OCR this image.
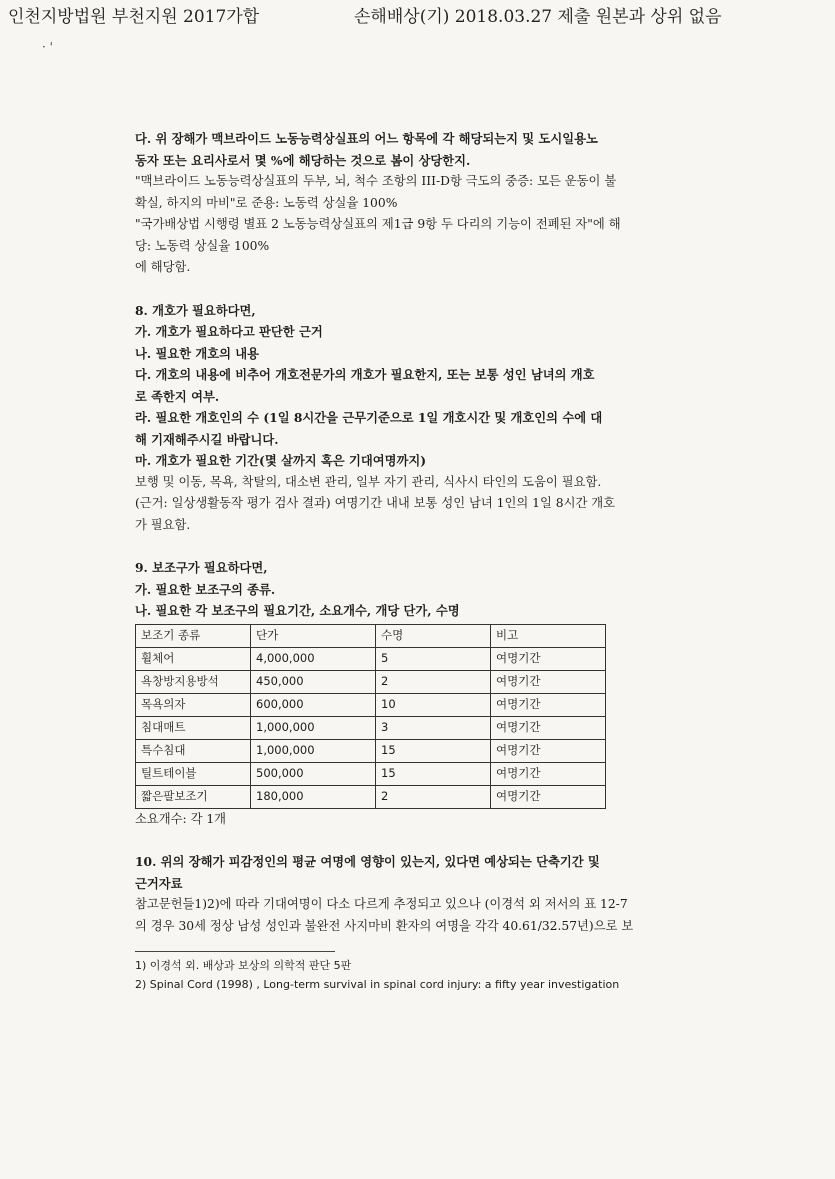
인천지방법원 부천지원 2017가합	손해배상(기) 2018.03.27 제출 원본과 상위 없음
· '

다. 위 장해가 맥브라이드 노동능력상실표의 어느 항목에 각 해당되는지 및 도시일용노

동자 또는 요리사로서 몇 %에 해당하는 것으로 봄이 상당한지.

"맥브라이드 노동능력상실표의 두부, 뇌, 척수 조항의 III-D항 극도의 중증: 모든 운동이 불

확실, 하지의 마비"로 준용: 노동력 상실율 100%

"국가배상법 시행령 별표 2 노동능력상실표의 제1급 9항 두 다리의 기능이 전폐된 자"에 해

당: 노동력 상실율 100%

에 해당함.

8. 개호가 필요하다면,

가. 개호가 필요하다고 판단한 근거

나. 필요한 개호의 내용

다. 개호의 내용에 비추어 개호전문가의 개호가 필요한지, 또는 보통 성인 남녀의 개호

로 족한지 여부.

라. 필요한 개호인의 수 (1일 8시간을 근무기준으로 1일 개호시간 및 개호인의 수에 대

해 기재해주시길 바랍니다.

마. 개호가 필요한 기간(몇 살까지 혹은 기대여명까지)

보행 및 이동, 목욕, 착탈의, 대소변 관리, 일부 자기 관리, 식사시 타인의 도움이 필요함.

(근거: 일상생활동작 평가 검사 결과) 여명기간 내내 보통 성인 남녀 1인의 1일 8시간 개호

가 필요함.

9. 보조구가 필요하다면,

가. 필요한 보조구의 종류.

나. 필요한 각 보조구의 필요기간, 소요개수, 개당 단가, 수명

보조기 종류	단가	수명	비고
휠체어	4,000,000	5	여명기간
욕창방지용방석	450,000	2	여명기간
목욕의자	600,000	10	여명기간
침대매트	1,000,000	3	여명기간
특수침대	1,000,000	15	여명기간
틸트테이블	500,000	15	여명기간
짧은팔보조기	180,000	2	여명기간

소요개수: 각 1개

10. 위의 장해가 피감정인의 평균 여명에 영향이 있는지, 있다면 예상되는 단축기간 및

근거자료

참고문헌들1)2)에 따라 기대여명이 다소 다르게 추정되고 있으나 (이경석 외 저서의 표 12-7

의 경우 30세 정상 남성 성인과 불완전 사지마비 환자의 여명을 각각 40.61/32.57년)으로 보

1) 이경석 외. 배상과 보상의 의학적 판단 5판

2) Spinal Cord (1998) , Long-term survival in spinal cord injury: a fifty year investigation
